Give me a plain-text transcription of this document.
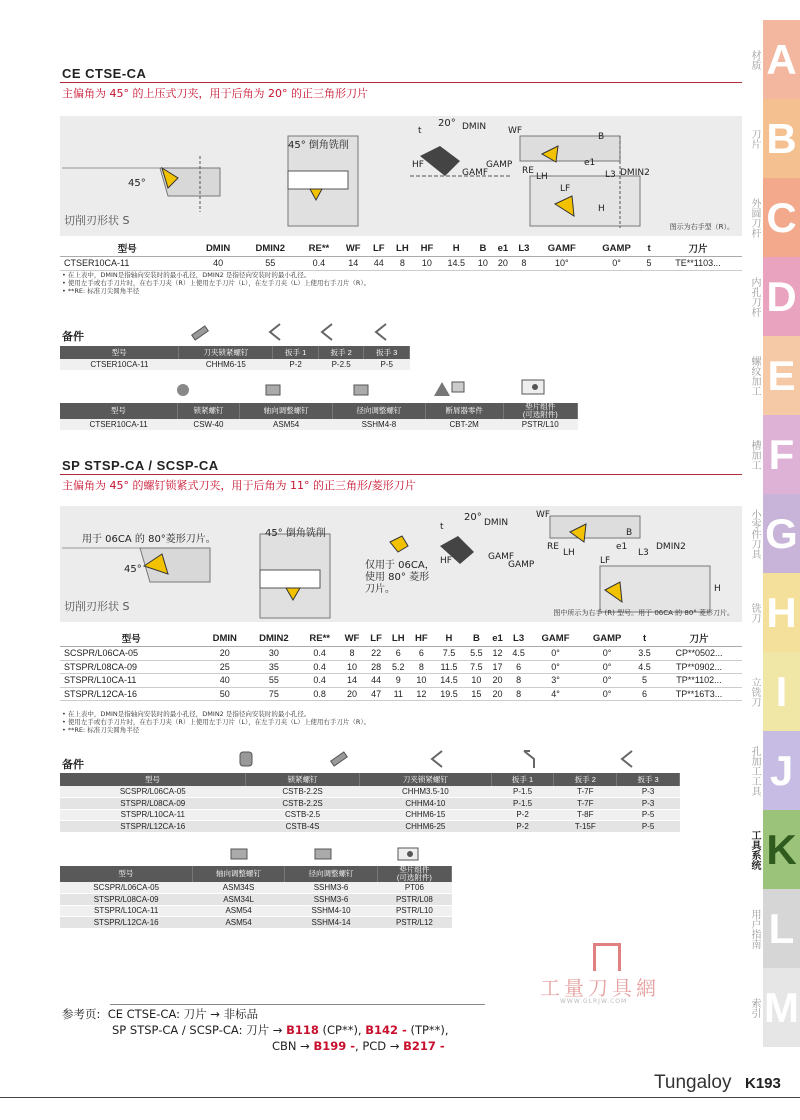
CE CTSE-CA
主偏角为 45° 的上压式刀夹，用于后角为 20° 的正三角形刀片
45° 倒角铣削
45°
20° DMIN WF
B
t
HF
GAMF
GAMP
RE
LH
e1
L3
LF
DMIN2
H
切削刃形状 S	图示为右手型（R）。
型号	DMIN	DMIN2	RE**	WF	LF	LH	HF	H	B	e1	L3	GAMF	GAMP	t	刀片
CTSER10CA-11	40	55	0.4	14	44	8	10	14.5	10	20	8	10°	0°	5	TE**1103...
• 在上表中，DMIN是指轴向安装时的最小孔径，DMIN2 是指径向安装时的最小孔径。
• 使用左手或右手刀片时，在右手刀夹（R）上使用左手刀片（L），在左手刀夹（L）上使用右手刀片（R）。
• **RE: 标准刀尖圆角半径
备件
型号	刀夹锁紧螺钉	扳手 1	扳手 2	扳手 3
CTSER10CA-11	CHHM6-15	P-2	P-2.5	P-5
型号	锁紧螺钉	轴向调整螺钉	径向调整螺钉	断屑器零件	垫片组件
(可选附件)
CTSER10CA-11	CSW-40	ASM54	SSHM4-8	CBT-2M	PSTR/L10
SP STSP-CA / SCSP-CA
主偏角为 45° 的螺钉锁紧式刀夹，用于后角为 11° 的正三角形/菱形刀片
用于 06CA 的 80°菱形刀片。
45° 倒角铣削
仅用于 06CA，
使用 80° 菱形
刀片。
45°
20° DMIN
WF
B
t
HF	GAMF
GAMP
RE
LH
e1
L3
LF
DMIN2
H
切削刃形状 S	图中所示为右手 (R) 型号。用于 06CA 的 80° 菱形刀片。
型号	DMIN	DMIN2	RE**	WF	LF	LH	HF	H	B	e1	L3	GAMF	GAMP	t	刀片
SCSPR/L06CA-05	20	30	0.4	8	22	6	6	7.5	5.5	12	4.5	0°	0°	3.5	CP**0502...
STSPR/L08CA-09	25	35	0.4	10	28	5.2	8	11.5	7.5	17	6	0°	0°	4.5	TP**0902...
STSPR/L10CA-11	40	55	0.4	14	44	9	10	14.5	10	20	8	3°	0°	5	TP**1102...
STSPR/L12CA-16	50	75	0.8	20	47	11	12	19.5	15	20	8	4°	0°	6	TP**16T3...
• 在上表中，DMIN是指轴向安装时的最小孔径，DMIN2 是指径向安装时的最小孔径。
• 使用左手或右手刀片时，在右手刀夹（R）上使用左手刀片（L），在左手刀夹（L）上使用右手刀片（R）。
• **RE: 标准刀尖圆角半径
备件
型号	锁紧螺钉	刀夹锁紧螺钉	扳手 1	扳手 2	扳手 3
SCSPR/L06CA-05	CSTB-2.2S	CHHM3.5-10	P-1.5	T-7F	P-3
STSPR/L08CA-09	CSTB-2.2S	CHHM4-10	P-1.5	T-7F	P-3
STSPR/L10CA-11	CSTB-2.5	CHHM6-15	P-2	T-8F	P-5
STSPR/L12CA-16	CSTB-4S	CHHM6-25	P-2	T-15F	P-5
型号	轴向调整螺钉	径向调整螺钉	垫片组件
(可选附件)
SCSPR/L06CA-05	ASM34S	SSHM3-6	PT06
STSPR/L08CA-09	ASM34L	SSHM3-6	PSTR/L08
STSPR/L10CA-11	ASM54	SSHM4-10	PSTR/L10
STSPR/L12CA-16	ASM54	SSHM4-14	PSTR/L12
工量刀具網
WWW.GLRJW.COM
参考页: CE CTSE-CA: 刀片 → 非标品
SP STSP-CA / SCSP-CA: 刀片 → B118 (CP**), B142 - (TP**),
CBN → B199 -, PCD → B217 -
材质 A
刀片 B
外圆刀杆 C
内孔刀杆 D
螺纹加工 E
槽加工 F
小零件刀具 G
铣刀 H
立铣刀 I
孔加工工具 J
工具系统 K
用户指南 L
索引 M
Tungaloy K193
